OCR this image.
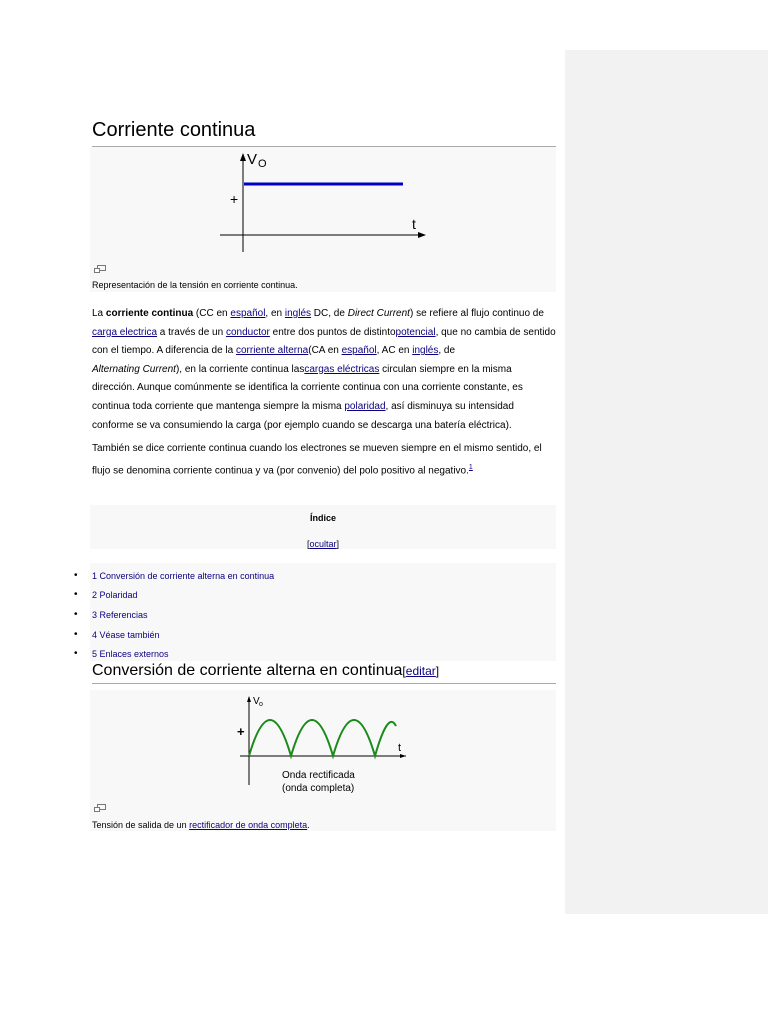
Corriente continua
V O
t
+
Representación de la tensión en corriente continua.

La corriente continua (CC en español, en inglés DC, de Direct Current) se refiere al flujo continuo de carga electrica a través de un conductor entre dos puntos de distintopotencial, que no cambia de sentido con el tiempo. A diferencia de la corriente alterna(CA en español, AC en inglés, de
Alternating Current), en la corriente continua lascargas eléctricas circulan siempre en la misma dirección. Aunque comúnmente se identifica la corriente continua con una corriente constante, es continua toda corriente que mantenga siempre la misma polaridad, así disminuya su intensidad conforme se va consumiendo la carga (por ejemplo cuando se descarga una batería eléctrica).

También se dice corriente continua cuando los electrones se mueven siempre en el mismo sentido, el flujo se denomina corriente continua y va (por convenio) del polo positivo al negativo.$^1$

Índice
[ocultar]
• 1 Conversión de corriente alterna en continua
• 2 Polaridad
• 3 Referencias
• 4 Véase también
• 5 Enlaces externos
Conversión de corriente alterna en continua[editar]
V o
t
+
Onda rectificada
(onda completa)
Tensión de salida de un rectificador de onda completa.
